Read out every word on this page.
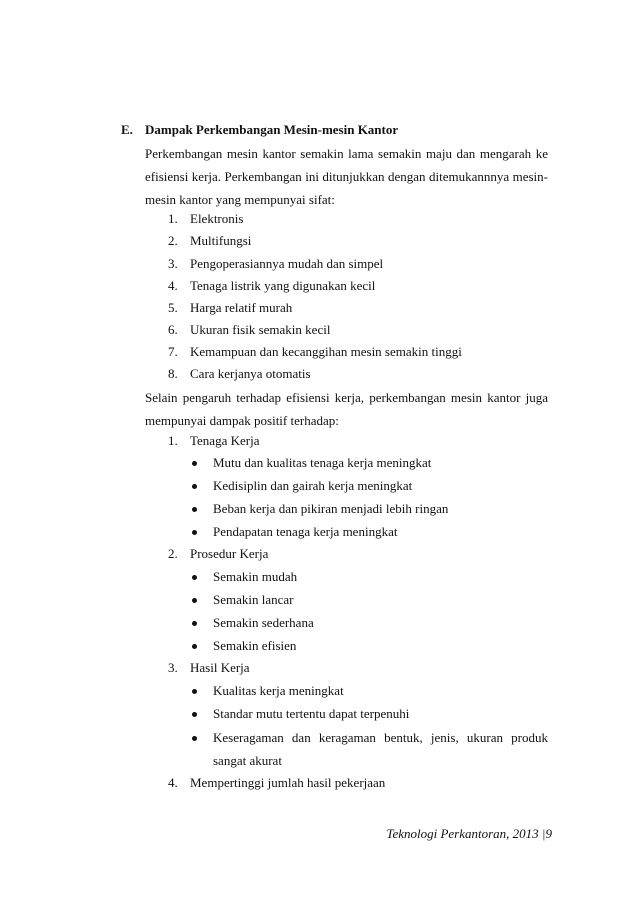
E. Dampak Perkembangan Mesin-mesin Kantor
Perkembangan mesin kantor semakin lama semakin maju dan mengarah ke
efisiensi kerja. Perkembangan ini ditunjukkan dengan ditemukannnya mesin-
mesin kantor yang mempunyai sifat:
1. Elektronis
2. Multifungsi
3. Pengoperasiannya mudah dan simpel
4. Tenaga listrik yang digunakan kecil
5. Harga relatif murah
6. Ukuran fisik semakin kecil
7. Kemampuan dan kecanggihan mesin semakin tinggi
8. Cara kerjanya otomatis
Selain pengaruh terhadap efisiensi kerja, perkembangan mesin kantor juga
mempunyai dampak positif terhadap:
1. Tenaga Kerja
Mutu dan kualitas tenaga kerja meningkat
Kedisiplin dan gairah kerja meningkat
Beban kerja dan pikiran menjadi lebih ringan
Pendapatan tenaga kerja meningkat
2. Prosedur Kerja
Semakin mudah
Semakin lancar
Semakin sederhana
Semakin efisien
3. Hasil Kerja
Kualitas kerja meningkat
Standar mutu tertentu dapat terpenuhi
Keseragaman dan keragaman bentuk, jenis, ukuran produk
sangat akurat
4. Mempertinggi jumlah hasil pekerjaan
Teknologi Perkantoran, 2013 |9
